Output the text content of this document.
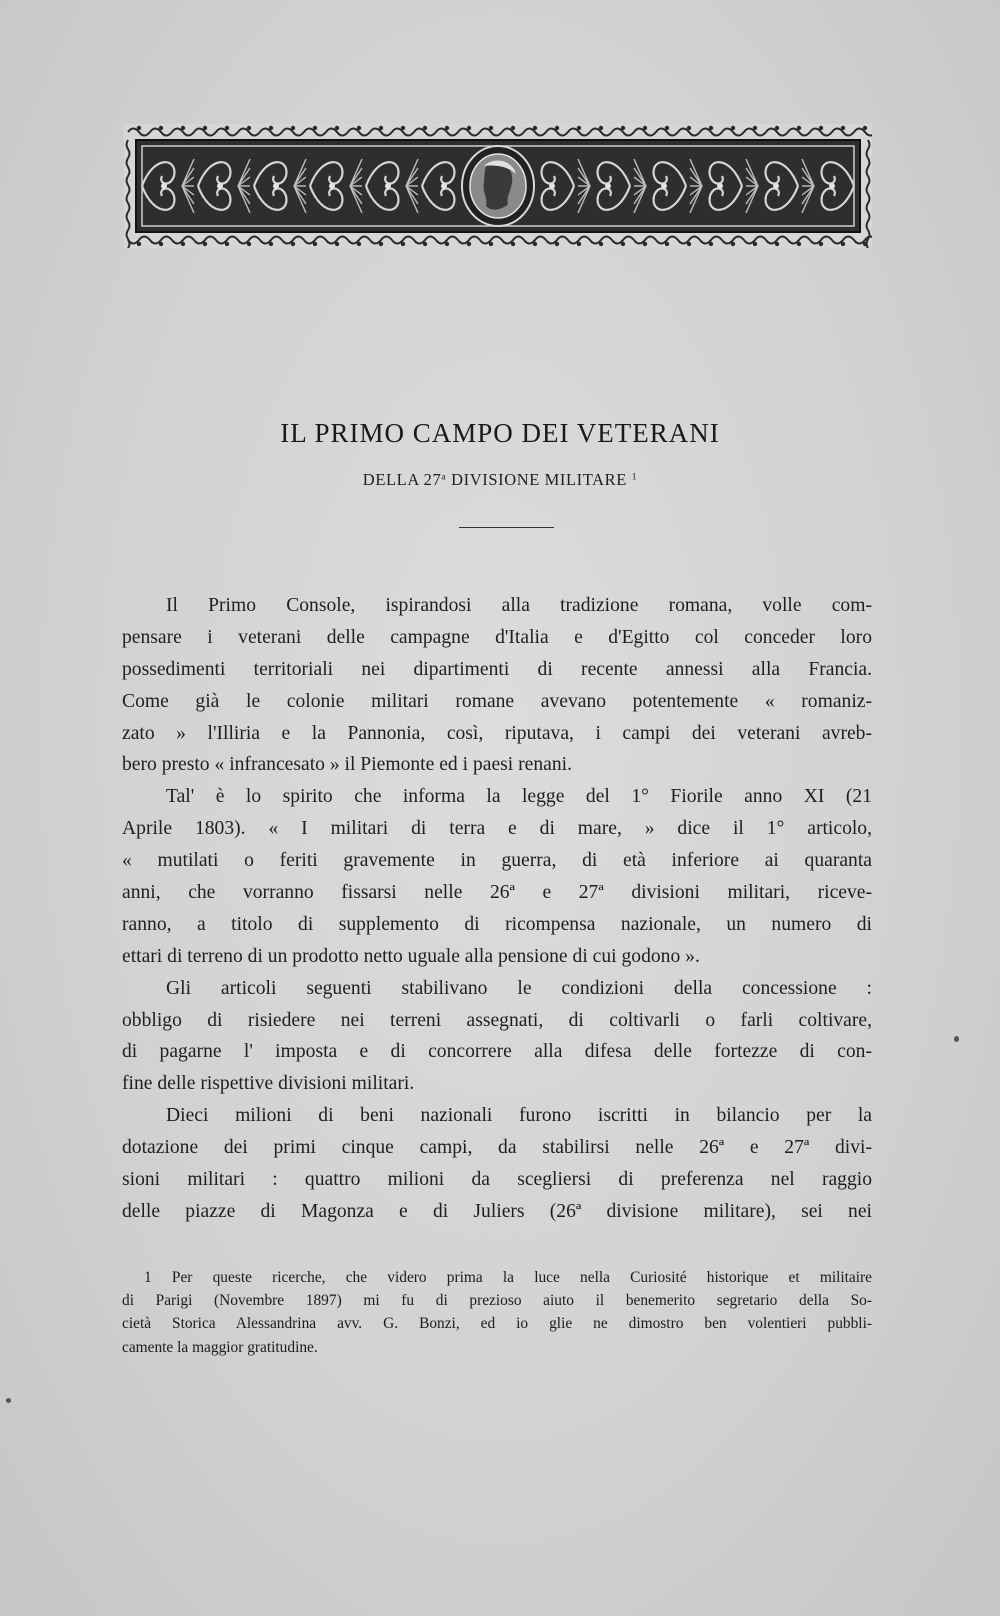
IL PRIMO CAMPO DEI VETERANI
DELLA 27$^a$ DIVISIONE MILITARE $^1$
Il Primo Console, ispirandosi alla tradizione romana, volle com-
pensare i veterani delle campagne d'Italia e d'Egitto col conceder loro
possedimenti territoriali nei dipartimenti di recente annessi alla Francia.
Come già le colonie militari romane avevano potentemente « romaniz-
zato » l'Illiria e la Pannonia, così, riputava, i campi dei veterani avreb-
bero presto « infrancesato » il Piemonte ed i paesi renani.
Tal' è lo spirito che informa la legge del 1° Fiorile anno XI (21
Aprile 1803). « I militari di terra e di mare, » dice il 1° articolo,
« mutilati o feriti gravemente in guerra, di età inferiore ai quaranta
anni, che vorranno fissarsi nelle 26ª e 27ª divisioni militari, riceve-
ranno, a titolo di supplemento di ricompensa nazionale, un numero di
ettari di terreno di un prodotto netto uguale alla pensione di cui godono ».
Gli articoli seguenti stabilivano le condizioni della concessione :
obbligo di risiedere nei terreni assegnati, di coltivarli o farli coltivare,
di pagarne l' imposta e di concorrere alla difesa delle fortezze di con-
fine delle rispettive divisioni militari.
Dieci milioni di beni nazionali furono iscritti in bilancio per la
dotazione dei primi cinque campi, da stabilirsi nelle 26ª e 27ª divi-
sioni militari : quattro milioni da scegliersi di preferenza nel raggio
delle piazze di Magonza e di Juliers (26ª divisione militare), sei nei
1 Per queste ricerche, che videro prima la luce nella Curiosité historique et militaire
di Parigi (Novembre 1897) mi fu di prezioso aiuto il benemerito segretario della So-
cietà Storica Alessandrina avv. G. Bonzi, ed io glie ne dimostro ben volentieri pubbli-
camente la maggior gratitudine.
